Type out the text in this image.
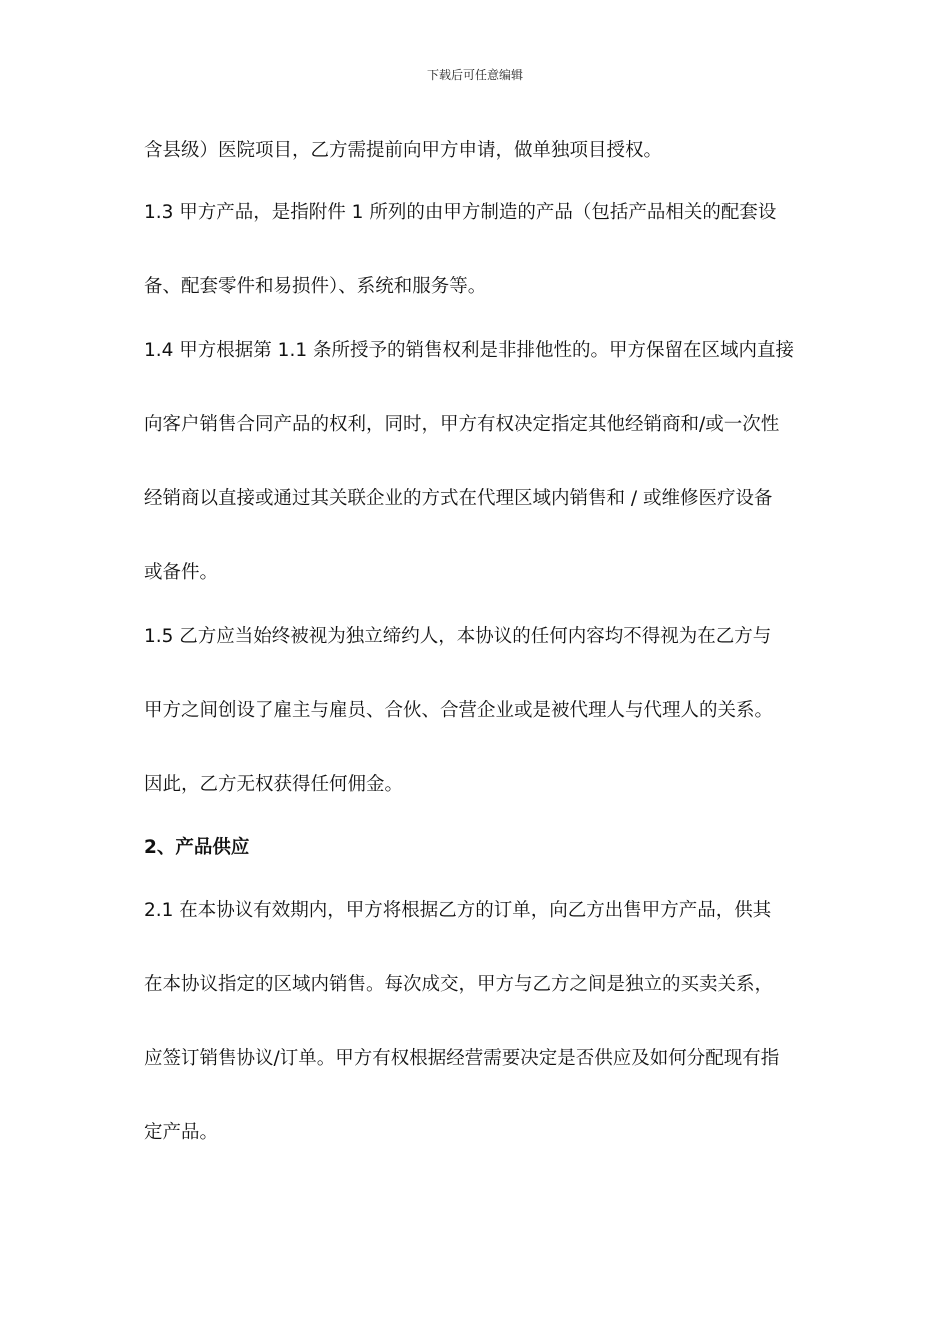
下载后可任意编辑
含县级）医院项目，乙方需提前向甲方申请，做单独项目授权。
1.3 甲方产品，是指附件 1 所列的由甲方制造的产品（包括产品相关的配套设
备、配套零件和易损件）、系统和服务等。
1.4 甲方根据第 1.1 条所授予的销售权利是非排他性的。甲方保留在区域内直接
向客户销售合同产品的权利，同时，甲方有权决定指定其他经销商和/或一次性
经销商以直接或通过其关联企业的方式在代理区域内销售和 / 或维修医疗设备
或备件。
1.5 乙方应当始终被视为独立缔约人，本协议的任何内容均不得视为在乙方与
甲方之间创设了雇主与雇员、合伙、合营企业或是被代理人与代理人的关系。
因此，乙方无权获得任何佣金。
2、产品供应
2.1 在本协议有效期内，甲方将根据乙方的订单，向乙方出售甲方产品，供其
在本协议指定的区域内销售。每次成交，甲方与乙方之间是独立的买卖关系，
应签订销售协议/订单。甲方有权根据经营需要决定是否供应及如何分配现有指
定产品。
